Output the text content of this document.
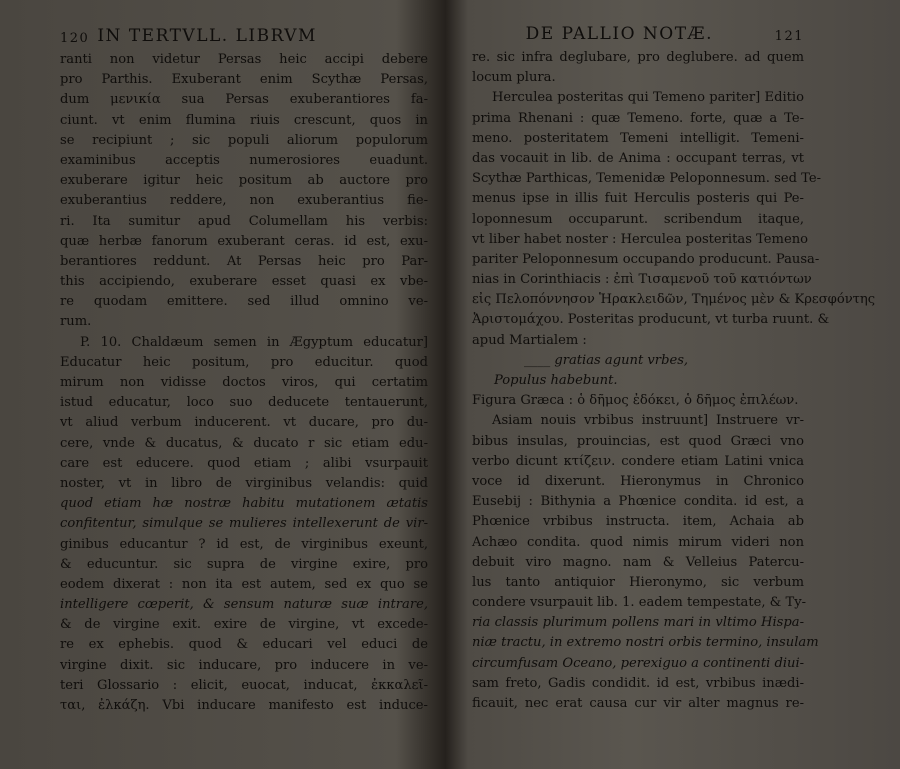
120 IN TERTVLL. LIBRVM
ranti non videtur Persas heic accipi debere
pro Parthis. Exuberant enim Scythæ Persas,
dum μενικία sua Persas exuberantiores fa-
ciunt. vt enim flumina riuis crescunt, quos in
se recipiunt ; sic populi aliorum populorum
examinibus acceptis numerosiores euadunt.
exuberare igitur heic positum ab auctore pro
exuberantius reddere, non exuberantius fie-
ri. Ita sumitur apud Columellam his verbis:
quæ herbæ fanorum exuberant ceras. id est, exu-
berantiores reddunt. At Persas heic pro Par-
this accipiendo, exuberare esset quasi ex vbe-
re quodam emittere. sed illud omnino ve-
rum.
P. 10. Chaldæum semen in Ægyptum educatur]
Educatur heic positum, pro educitur. quod
mirum non vidisse doctos viros, qui certatim
istud educatur, loco suo deducete tentauerunt,
vt aliud verbum inducerent. vt ducare, pro du-
cere, vnde & ducatus, & ducato r sic etiam edu-
care est educere. quod etiam ; alibi vsurpauit
noster, vt in libro de virginibus velandis: quid
quod etiam hæ nostræ habitu mutationem ætatis
confitentur, simulque se mulieres intellexerunt de vir-
ginibus educantur ? id est, de virginibus exeunt,
& educuntur. sic supra de virgine exire, pro
eodem dixerat : non ita est autem, sed ex quo se
intelligere cœperit, & sensum naturæ suæ intrare,
& de virgine exit. exire de virgine, vt excede-
re ex ephebis. quod & educari vel educi de
virgine dixit. sic inducare, pro inducere in ve-
teri Glossario : elicit, euocat, inducat, ἐκκαλεῖ-
ται, ἐλκάζη. Vbi inducare manifesto est induce-
DE PALLIO NOTÆ.	121
re. sic infra deglubare, pro deglubere. ad quem
locum plura.
Herculea posteritas qui Temeno pariter] Editio
prima Rhenani : quæ Temeno. forte, quæ a Te-
meno. posteritatem Temeni intelligit. Temeni-
das vocauit in lib. de Anima : occupant terras, vt
Scythæ Parthicas, Temenidæ Peloponnesum. sed Te-
menus ipse in illis fuit Herculis posteris qui Pe-
loponnesum occuparunt. scribendum itaque,
vt liber habet noster : Herculea posteritas Temeno
pariter Peloponnesum occupando producunt. Pausa-
nias in Corinthiacis : ἐπὶ Τισαμενοῦ τοῦ κατιόντων
εἰς Πελοπόννησον Ἡρακλειδῶν, Τημένος μὲν & Κρεσφόντης
Ἀριστομάχου. Posteritas producunt, vt turba ruunt. &
apud Martialem :
____ gratias agunt vrbes,
Populus habebunt.
Figura Græca : ὁ δῆμος ἐδόκει, ὁ δῆμος ἐπιλέων.
Asiam nouis vrbibus instruunt] Instruere vr-
bibus insulas, prouincias, est quod Græci vno
verbo dicunt κτίζειν. condere etiam Latini vnica
voce id dixerunt. Hieronymus in Chronico
Eusebij : Bithynia a Phœnice condita. id est, a
Phœnice vrbibus instructa. item, Achaia ab
Achæo condita. quod nimis mirum videri non
debuit viro magno. nam & Velleius Patercu-
lus tanto antiquior Hieronymo, sic verbum
condere vsurpauit lib. 1. eadem tempestate, & Ty-
ria classis plurimum pollens mari in vltimo Hispa-
niæ tractu, in extremo nostri orbis termino, insulam
circumfusam Oceano, perexiguo a continenti diui-
sam freto, Gadis condidit. id est, vrbibus inædi-
ficauit, nec erat causa cur vir alter magnus re-
